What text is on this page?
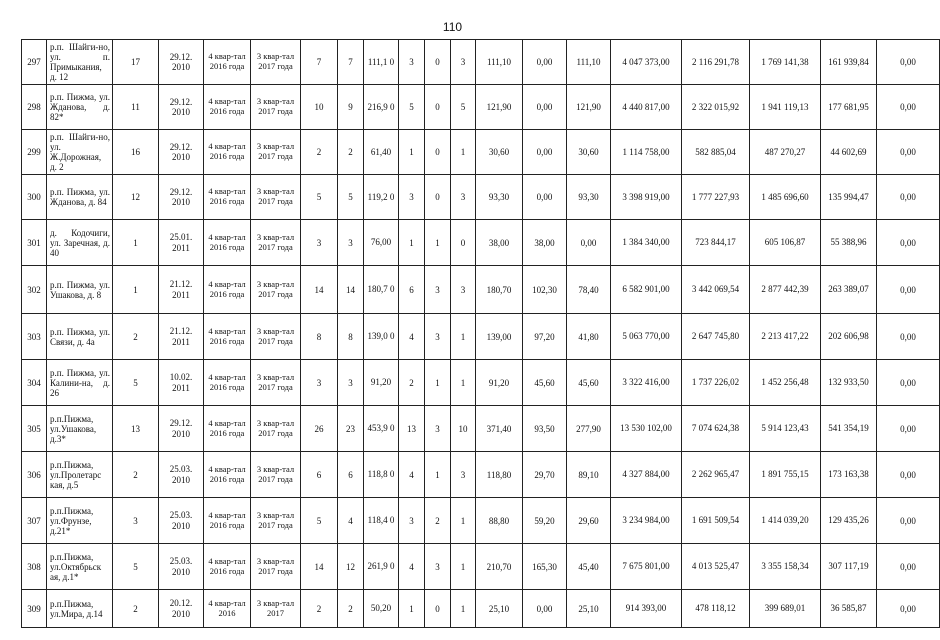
110
297	р.п. Шайги-но, ул. п. Примыкания, д. 12	17	29.12. 2010	4 квар-тал 2016 года	3 квар-тал 2017 года	7	7	111,1 0	3	0	3	111,10	0,00	111,10	4 047 373,00	2 116 291,78	1 769 141,38	161 939,84	0,00
298	р.п. Пижма, ул. Жданова, д. 82*	11	29.12. 2010	4 квар-тал 2016 года	3 квар-тал 2017 года	10	9	216,9 0	5	0	5	121,90	0,00	121,90	4 440 817,00	2 322 015,92	1 941 119,13	177 681,95	0,00
299	р.п. Шайги-но, ул. Ж.Дорожная, д. 2	16	29.12. 2010	4 квар-тал 2016 года	3 квар-тал 2017 года	2	2	61,40	1	0	1	30,60	0,00	30,60	1 114 758,00	582 885,04	487 270,27	44 602,69	0,00
300	р.п. Пижма, ул. Жданова, д. 84	12	29.12. 2010	4 квар-тал 2016 года	3 квар-тал 2017 года	5	5	119,2 0	3	0	3	93,30	0,00	93,30	3 398 919,00	1 777 227,93	1 485 696,60	135 994,47	0,00
301	д. Кодочиги, ул. Заречная, д. 40	1	25.01. 2011	4 квар-тал 2016 года	3 квар-тал 2017 года	3	3	76,00	1	1	0	38,00	38,00	0,00	1 384 340,00	723 844,17	605 106,87	55 388,96	0,00
302	р.п. Пижма, ул. Ушакова, д. 8	1	21.12. 2011	4 квар-тал 2016 года	3 квар-тал 2017 года	14	14	180,7 0	6	3	3	180,70	102,30	78,40	6 582 901,00	3 442 069,54	2 877 442,39	263 389,07	0,00
303	р.п. Пижма, ул. Связи, д. 4а	2	21.12. 2011	4 квар-тал 2016 года	3 квар-тал 2017 года	8	8	139,0 0	4	3	1	139,00	97,20	41,80	5 063 770,00	2 647 745,80	2 213 417,22	202 606,98	0,00
304	р.п. Пижма, ул. Калини-на, д. 26	5	10.02. 2011	4 квар-тал 2016 года	3 квар-тал 2017 года	3	3	91,20	2	1	1	91,20	45,60	45,60	3 322 416,00	1 737 226,02	1 452 256,48	132 933,50	0,00
305	р.п.Пижма, ул.Ушакова, д.3*	13	29.12. 2010	4 квар-тал 2016 года	3 квар-тал 2017 года	26	23	453,9 0	13	3	10	371,40	93,50	277,90	13 530 102,00	7 074 624,38	5 914 123,43	541 354,19	0,00
306	р.п.Пижма, ул.Пролетарс кая, д.5	2	25.03. 2010	4 квар-тал 2016 года	3 квар-тал 2017 года	6	6	118,8 0	4	1	3	118,80	29,70	89,10	4 327 884,00	2 262 965,47	1 891 755,15	173 163,38	0,00
307	р.п.Пижма, ул.Фрунзе, д.21*	3	25.03. 2010	4 квар-тал 2016 года	3 квар-тал 2017 года	5	4	118,4 0	3	2	1	88,80	59,20	29,60	3 234 984,00	1 691 509,54	1 414 039,20	129 435,26	0,00
308	р.п.Пижма, ул.Октябрьск ая, д.1*	5	25.03. 2010	4 квар-тал 2016 года	3 квар-тал 2017 года	14	12	261,9 0	4	3	1	210,70	165,30	45,40	7 675 801,00	4 013 525,47	3 355 158,34	307 117,19	0,00
309	р.п.Пижма, ул.Мира, д.14	2	20.12. 2010	4 квар-тал 2016	3 квар-тал 2017	2	2	50,20	1	0	1	25,10	0,00	25,10	914 393,00	478 118,12	399 689,01	36 585,87	0,00
